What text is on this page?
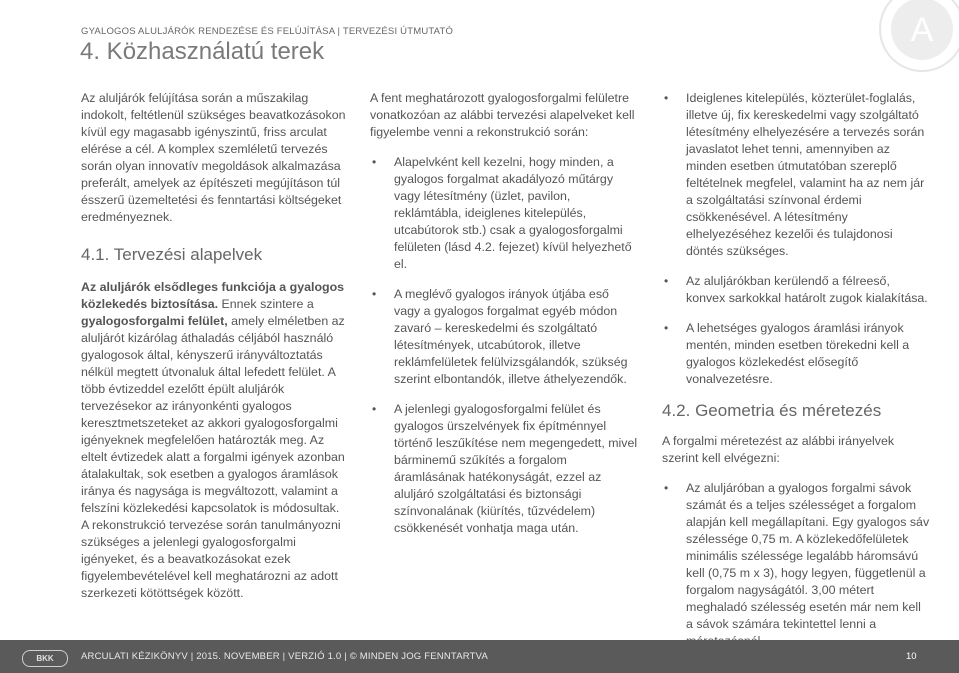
GYALOGOS ALULJÁRÓK RENDEZÉSE ÉS FELÚJÍTÁSA | TERVEZÉSI ÚTMUTATÓ
4. Közhasználatú terek
A

Az aluljárók felújítása során a műszakilag indokolt, feltétlenül szükséges beavatkozásokon kívül egy magasabb igényszintű, friss arculat elérése a cél. A komplex szemléletű tervezés során olyan innovatív megoldások alkalmazása preferált, amelyek az építészeti megújításon túl ésszerű üzemeltetési és fenntartási költségeket eredményeznek.

4.1. Tervezési alapelvek

Az aluljárók elsődleges funkciója a gyalogos közlekedés biztosítása. Ennek szintere a gyalogosforgalmi felület, amely elméletben az aluljárót kizárólag áthaladás céljából használó gyalogosok által, kényszerű irányváltoztatás nélkül megtett útvonaluk által lefedett felület. A több évtizeddel ezelőtt épült aluljárók tervezésekor az irányonkénti gyalogos keresztmetszeteket az akkori gyalogosforgalmi igényeknek megfelelően határozták meg. Az eltelt évtizedek alatt a forgalmi igények azonban átalakultak, sok esetben a gyalogos áramlások iránya és nagysága is megváltozott, valamint a felszíni közlekedési kapcsolatok is módosultak. A rekonstrukció tervezése során tanulmányozni szükséges a jelenlegi gyalogosforgalmi igényeket, és a beavatkozásokat ezek figyelembevételével kell meghatározni az adott szerkezeti kötöttségek között.

A fent meghatározott gyalogosforgalmi felületre vonatkozóan az alábbi tervezési alapelveket kell figyelembe venni a rekonstrukció során:

• Alapelvként kell kezelni, hogy minden, a gyalogos forgalmat akadályozó műtárgy vagy létesítmény (üzlet, pavilon, reklámtábla, ideiglenes kitelepülés, utcabútorok stb.) csak a gyalogosforgalmi felületen (lásd 4.2. fejezet) kívül helyezhető el.
• A meglévő gyalogos irányok útjába eső vagy a gyalogos forgalmat egyéb módon zavaró – kereskedelmi és szolgáltató létesítmények, utcabútorok, illetve reklámfelületek felülvizsgálandók, szükség szerint elbontandók, illetve áthelyezendők.
• A jelenlegi gyalogosforgalmi felület és gyalogos ürszelvények fix építménnyel történő leszűkítése nem megengedett, mivel bárminemű szűkítés a forgalom áramlásának hatékonyságát, ezzel az aluljáró szolgáltatási és biztonsági színvonalának (kiürítés, tűzvédelem) csökkenését vonhatja maga után.
• Ideiglenes kitelepülés, közterület-foglalás, illetve új, fix kereskedelmi vagy szolgáltató létesítmény elhelyezésére a tervezés során javaslatot lehet tenni, amennyiben az minden esetben útmutatóban szereplő feltételnek megfelel, valamint ha az nem jár a szolgáltatási színvonal érdemi csökkenésével. A létesítmény elhelyezéséhez kezelői és tulajdonosi döntés szükséges.
• Az aluljárókban kerülendő a félreeső, konvex sarkokkal határolt zugok kialakítása.
• A lehetséges gyalogos áramlási irányok mentén, minden esetben törekedni kell a gyalogos közlekedést elősegítő vonalvezetésre.
4.2. Geometria és méretezés

A forgalmi méretezést az alábbi irányelvek szerint kell elvégezni:

• Az aluljáróban a gyalogos forgalmi sávok számát és a teljes szélességet a forgalom alapján kell megállapítani. Egy gyalogos sáv szélessége 0,75 m. A közlekedőfelületek minimális szélessége legalább háromsávú kell (0,75 m x 3), hogy legyen, függetlenül a forgalom nagyságától. 3,00 métert meghaladó szélesség esetén már nem kell a sávok számára tekintettel lenni a
BKK	ARCULATI KÉZIKÖNYV | 2015. NOVEMBER | VERZIÓ 1.0 | © MINDEN JOG FENNTARTVA	10
